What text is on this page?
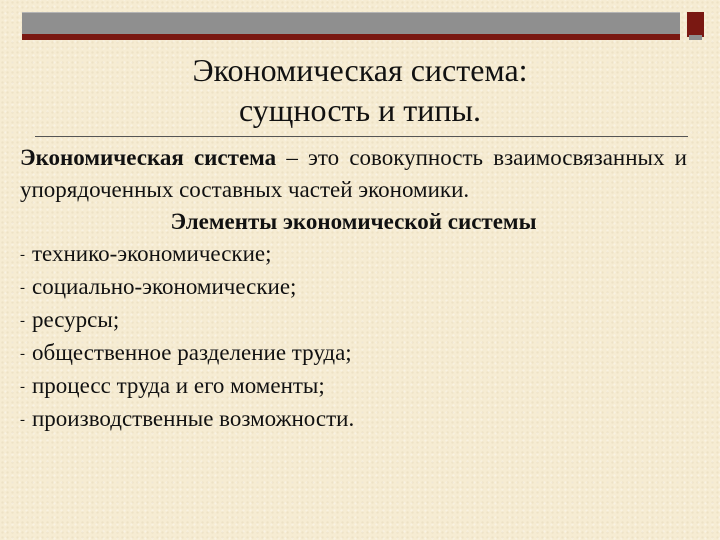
Экономическая система:
сущность и типы.

Экономическая система – это совокупность взаимосвязанных и упорядоченных составных частей экономики.

Элементы экономической системы

- технико-экономические;
- социально-экономические;
- ресурсы;
- общественное разделение труда;
- процесс труда и его моменты;
- производственные возможности.
